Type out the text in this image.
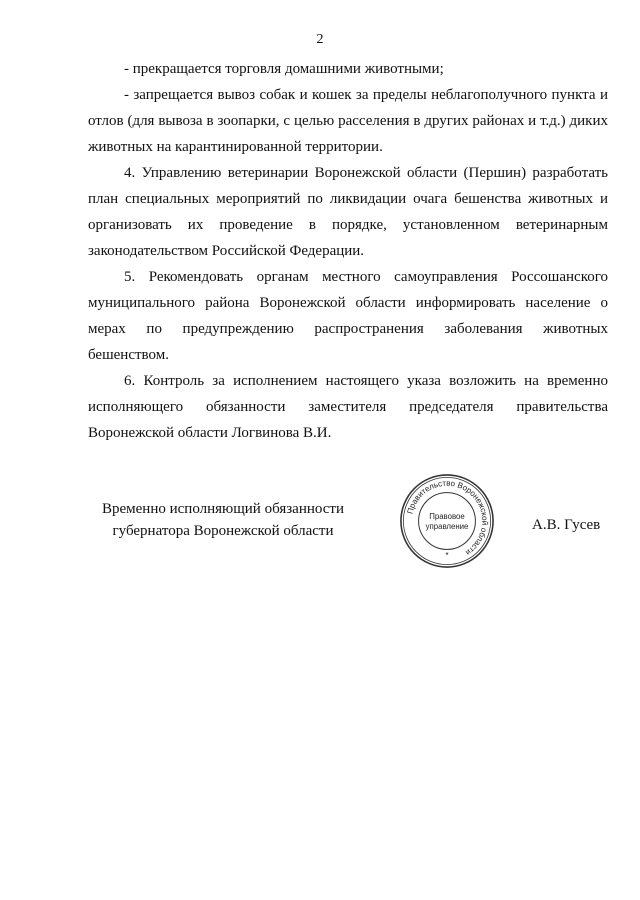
2

- прекращается торговля домашними животными;

- запрещается вывоз собак и кошек за пределы неблагополучного пункта и отлов (для вывоза в зоопарки, с целью расселения в других районах и т.д.) диких животных на карантинированной территории.

4. Управлению ветеринарии Воронежской области (Першин) разработать план специальных мероприятий по ликвидации очага бешенства животных и организовать их проведение в порядке, установленном ветеринарным законодательством Российской Федерации.

5. Рекомендовать органам местного самоуправления Россошанского муниципального района Воронежской области информировать население о мерах по предупреждению распространения заболевания животных бешенством.

6. Контроль за исполнением настоящего указа возложить на временно исполняющего обязанности заместителя председателя правительства Воронежской области Логвинова В.И.

Временно исполняющий обязанности
губернатора Воронежской области
Правительство Воронежской области
Правовое
управление
*
А.В. Гусев
